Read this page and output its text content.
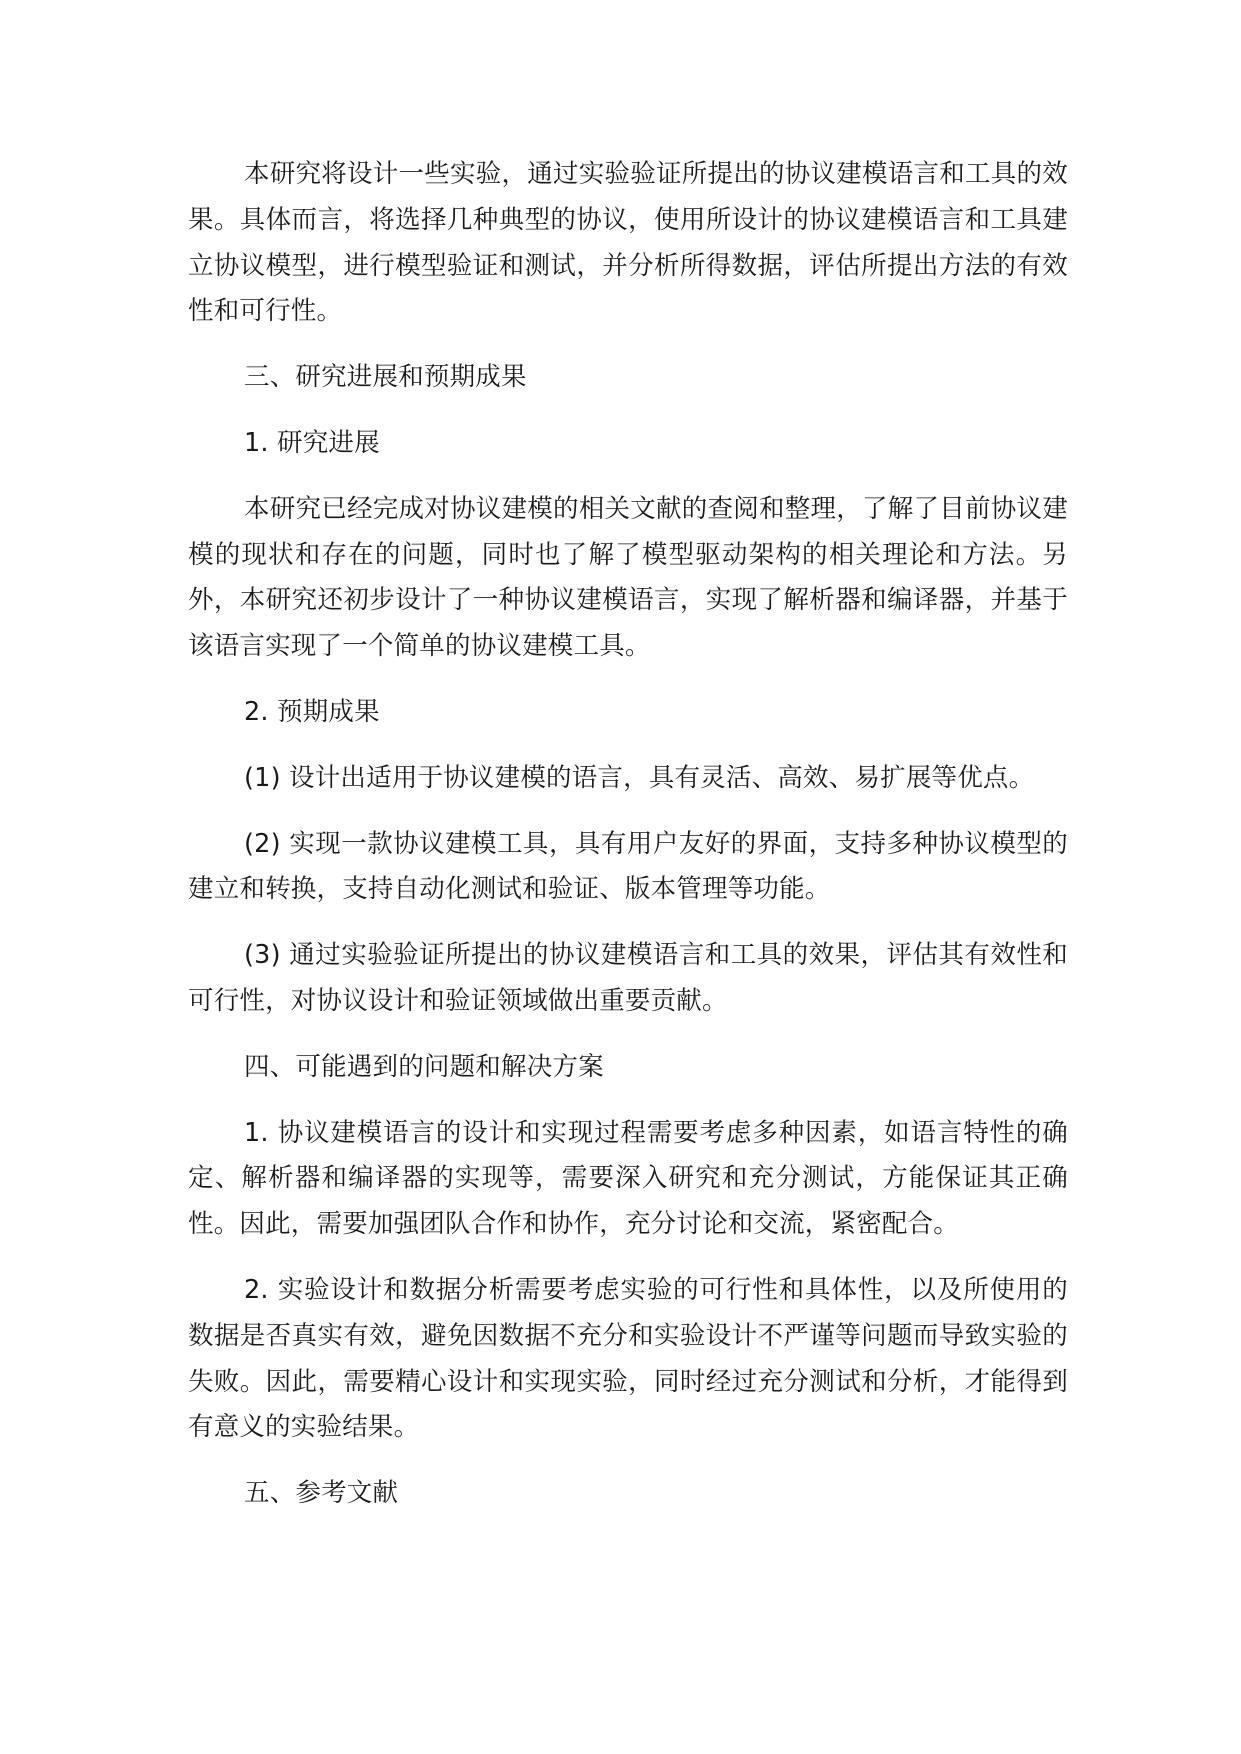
本研究将设计一些实验，通过实验验证所提出的协议建模语言和工具的效果。具体而言，将选择几种典型的协议，使用所设计的协议建模语言和工具建立协议模型，进行模型验证和测试，并分析所得数据，评估所提出方法的有效性和可行性。

三、研究进展和预期成果

1. 研究进展

本研究已经完成对协议建模的相关文献的查阅和整理，了解了目前协议建模的现状和存在的问题，同时也了解了模型驱动架构的相关理论和方法。另外，本研究还初步设计了一种协议建模语言，实现了解析器和编译器，并基于该语言实现了一个简单的协议建模工具。

2. 预期成果

(1) 设计出适用于协议建模的语言，具有灵活、高效、易扩展等优点。

(2) 实现一款协议建模工具，具有用户友好的界面，支持多种协议模型的建立和转换，支持自动化测试和验证、版本管理等功能。

(3) 通过实验验证所提出的协议建模语言和工具的效果，评估其有效性和可行性，对协议设计和验证领域做出重要贡献。

四、可能遇到的问题和解决方案

1. 协议建模语言的设计和实现过程需要考虑多种因素，如语言特性的确定、解析器和编译器的实现等，需要深入研究和充分测试，方能保证其正确性。因此，需要加强团队合作和协作，充分讨论和交流，紧密配合。

2. 实验设计和数据分析需要考虑实验的可行性和具体性，以及所使用的数据是否真实有效，避免因数据不充分和实验设计不严谨等问题而导致实验的失败。因此，需要精心设计和实现实验，同时经过充分测试和分析，才能得到有意义的实验结果。

五、参考文献
